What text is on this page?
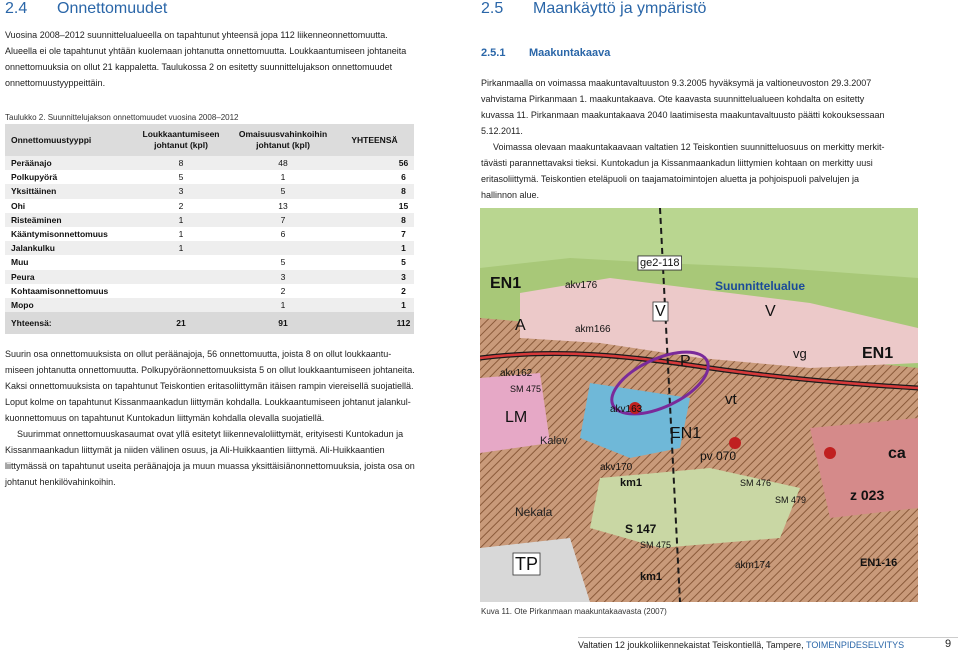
2.4 Onnettomuudet

Vuosina 2008–2012 suunnittelualueella on tapahtunut yhteensä jopa 112 liikenneonnettomuutta.

Alueella ei ole tapahtunut yhtään kuolemaan johtanutta onnettomuutta. Loukkaantumiseen johtaneita

onnettomuuksia on ollut 21 kappaletta. Taulukossa 2 on esitetty suunnittelujakson onnettomuudet

onnettomuustyyppeittäin.

Taulukko 2. Suunnittelujakson onnettomuudet vuosina 2008–2012
Onnettomuustyyppi	Loukkaantumiseen johtanut (kpl)	Omaisuusvahinkoihin johtanut (kpl)	YHTEENSÄ
Peräänajo	8	48	56
Polkupyörä	5	1	6
Yksittäinen	3	5	8
Ohi	2	13	15
Risteäminen	1	7	8
Kääntymisonnettomuus	1	6	7
Jalankulku	1		1
Muu		5	5
Peura		3	3
Kohtaamisonnettomuus		2	2
Mopo		1	1
Yhteensä:	21	91	112

Suurin osa onnettomuuksista on ollut peräänajoja, 56 onnettomuutta, joista 8 on ollut loukkaantu-

miseen johtanutta onnettomuutta. Polkupyöräonnettomuuksista 5 on ollut loukkaantumiseen johtaneita.

Kaksi onnettomuuksista on tapahtunut Teiskontien eritasoliittymän itäisen rampin viereisellä suojatiellä.

Loput kolme on tapahtunut Kissanmaankadun liittymän kohdalla. Loukkaantumiseen johtanut jalankul-

kuonnettomuus on tapahtunut Kuntokadun liittymän kohdalla olevalla suojatiellä.

Suurimmat onnettomuuskasaumat ovat yllä esitetyt liikennevaloliittymät, erityisesti Kuntokadun ja

Kissanmaankadun liittymät ja niiden välinen osuus, ja Ali-Huikkaantien liittymä. Ali-Huikkaantien

liittymässä on tapahtunut useita peräänajoja ja muun muassa yksittäisiänonnettomuuksia, joista osa on

johtanut henkilövahinkoihin.

2.5 Maankäyttö ja ympäristö
2.5.1 Maakuntakaava

Pirkanmaalla on voimassa maakuntavaltuuston 9.3.2005 hyväksymä ja valtioneuvoston 29.3.2007

vahvistama Pirkanmaan 1. maakuntakaava. Ote kaavasta suunnittelualueen kohdalta on esitetty

kuvassa 11. Pirkanmaan maakuntakaava 2040 laatimisesta maakuntavaltuusto päätti kokouksessaan

5.12.2011.

Voimassa olevaan maakuntakaavaan valtatien 12 Teiskontien suunnitteluosuus on merkitty merkit-

tävästi parannettavaksi tieksi. Kuntokadun ja Kissanmaankadun liittymien kohtaan on merkitty uusi

eritasoliittymä. Teiskontien eteläpuoli on taajamatoimintojen aluetta ja pohjoispuoli palvelujen ja

hallinnon alue.

ge2-118
EN1	akv176
A
V	V
Suunnittelualue
akm166
P	vg	EN1
akv162
SM 475
akv163
vt
LM
EN1
ca
Kalev
akv170
pv 070
SM 476
km1
SM 479	z 023
Nekala
S 147
SM 475
TP
km1
akm174	EN1-16
Kuva 11. Ote Pirkanmaan maakuntakaavasta (2007)
Valtatien 12 joukkoliikennekaistat Teiskontiellä, Tampere, TOIMENPIDESELVITYS	9
